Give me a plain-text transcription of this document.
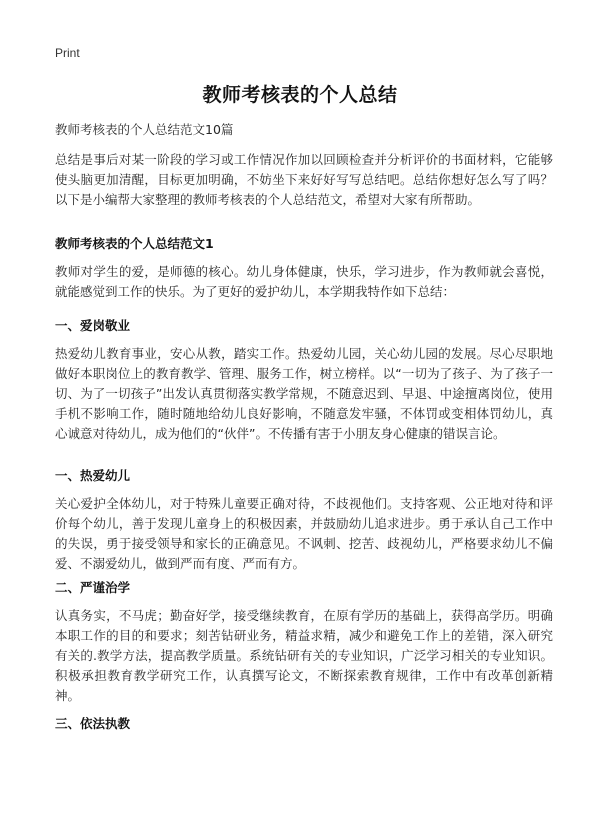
Print
教师考核表的个人总结
教师考核表的个人总结范文10篇
总结是事后对某一阶段的学习或工作情况作加以回顾检查并分析评价的书面材料，它能够使头脑更加清醒，目标更加明确，不妨坐下来好好写写总结吧。总结你想好怎么写了吗？以下是小编帮大家整理的教师考核表的个人总结范文，希望对大家有所帮助。
教师考核表的个人总结范文1
教师对学生的爱，是师德的核心。幼儿身体健康，快乐，学习进步，作为教师就会喜悦，就能感觉到工作的快乐。为了更好的爱护幼儿，本学期我特作如下总结：
一、爱岗敬业
热爱幼儿教育事业，安心从教，踏实工作。热爱幼儿园，关心幼儿园的发展。尽心尽职地做好本职岗位上的教育教学、管理、服务工作，树立榜样。以“一切为了孩子、为了孩子一切、为了一切孩子”出发认真贯彻落实教学常规，不随意迟到、早退、中途擅离岗位，使用手机不影响工作，随时随地给幼儿良好影响，不随意发牢骚，不体罚或变相体罚幼儿，真心诚意对待幼儿，成为他们的“伙伴”。不传播有害于小朋友身心健康的错误言论。
一、热爱幼儿
关心爱护全体幼儿，对于特殊儿童要正确对待，不歧视他们。支持客观、公正地对待和评价每个幼儿，善于发现儿童身上的积极因素，并鼓励幼儿追求进步。勇于承认自己工作中的失误，勇于接受领导和家长的正确意见。不讽刺、挖苦、歧视幼儿，严格要求幼儿不偏爱、不溺爱幼儿，做到严而有度、严而有方。
二、严谨治学
认真务实，不马虎；勤奋好学，接受继续教育，在原有学历的基础上，获得高学历。明确本职工作的目的和要求；刻苦钻研业务，精益求精，减少和避免工作上的差错，深入研究有关的.教学方法，提高教学质量。系统钻研有关的专业知识，广泛学习相关的专业知识。积极承担教育教学研究工作，认真撰写论文，不断探索教育规律，工作中有改革创新精神。
三、依法执教
